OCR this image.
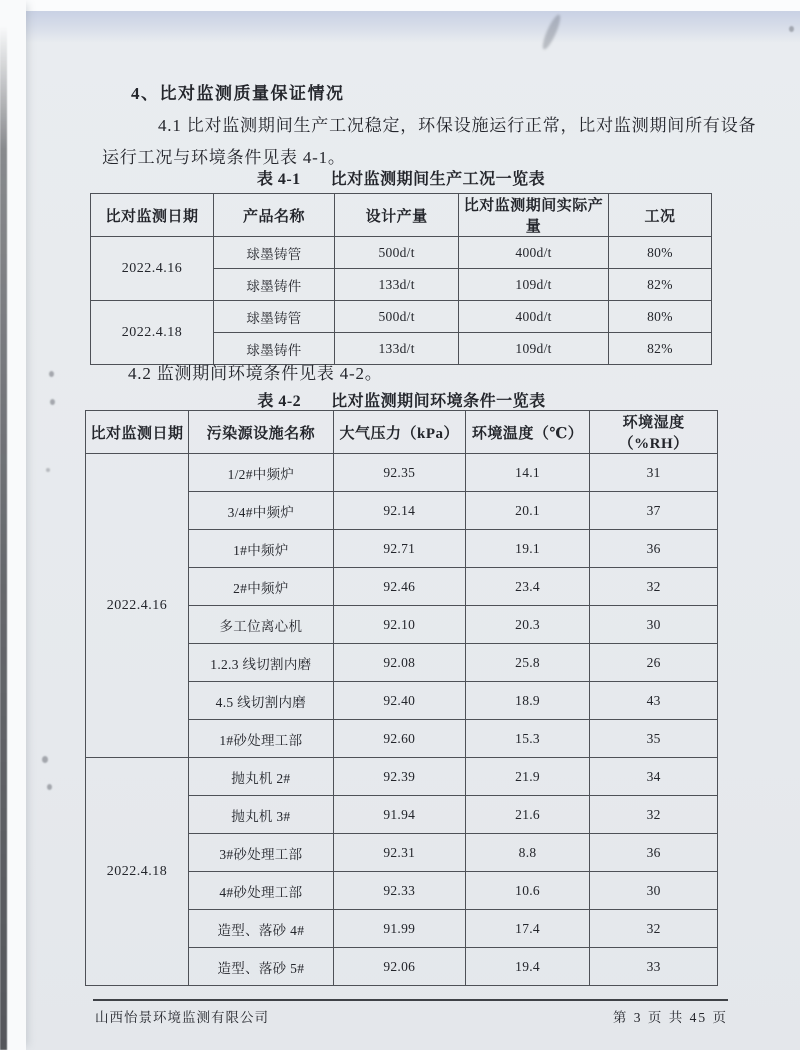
4、比对监测质量保证情况

4.1 比对监测期间生产工况稳定，环保设施运行正常，比对监测期间所有设备

运行工况与环境条件见表 4-1。

表 4-1 比对监测期间生产工况一览表
比对监测日期	产品名称	设计产量	比对监测期间实际产量	工况
2022.4.16	球墨铸管	500d/t	400d/t	80%
	球墨铸件	133d/t	109d/t	82%
2022.4.18	球墨铸管	500d/t	400d/t	80%
	球墨铸件	133d/t	109d/t	82%

4.2 监测期间环境条件见表 4-2。

表 4-2 比对监测期间环境条件一览表
比对监测日期	污染源设施名称	大气压力（kPa）	环境温度（℃）	环境湿度（%RH）
2022.4.16	1/2#中频炉	92.35	14.1	31
	3/4#中频炉	92.14	20.1	37
	1#中频炉	92.71	19.1	36
	2#中频炉	92.46	23.4	32
	多工位离心机	92.10	20.3	30
	1.2.3 线切割内磨	92.08	25.8	26
	4.5 线切割内磨	92.40	18.9	43
	1#砂处理工部	92.60	15.3	35
2022.4.18	抛丸机 2#	92.39	21.9	34
	抛丸机 3#	91.94	21.6	32
	3#砂处理工部	92.31	8.8	36
	4#砂处理工部	92.33	10.6	30
	造型、落砂 4#	91.99	17.4	32
	造型、落砂 5#	92.06	19.4	33
山西怡景环境监测有限公司	第 3 页 共 45 页
